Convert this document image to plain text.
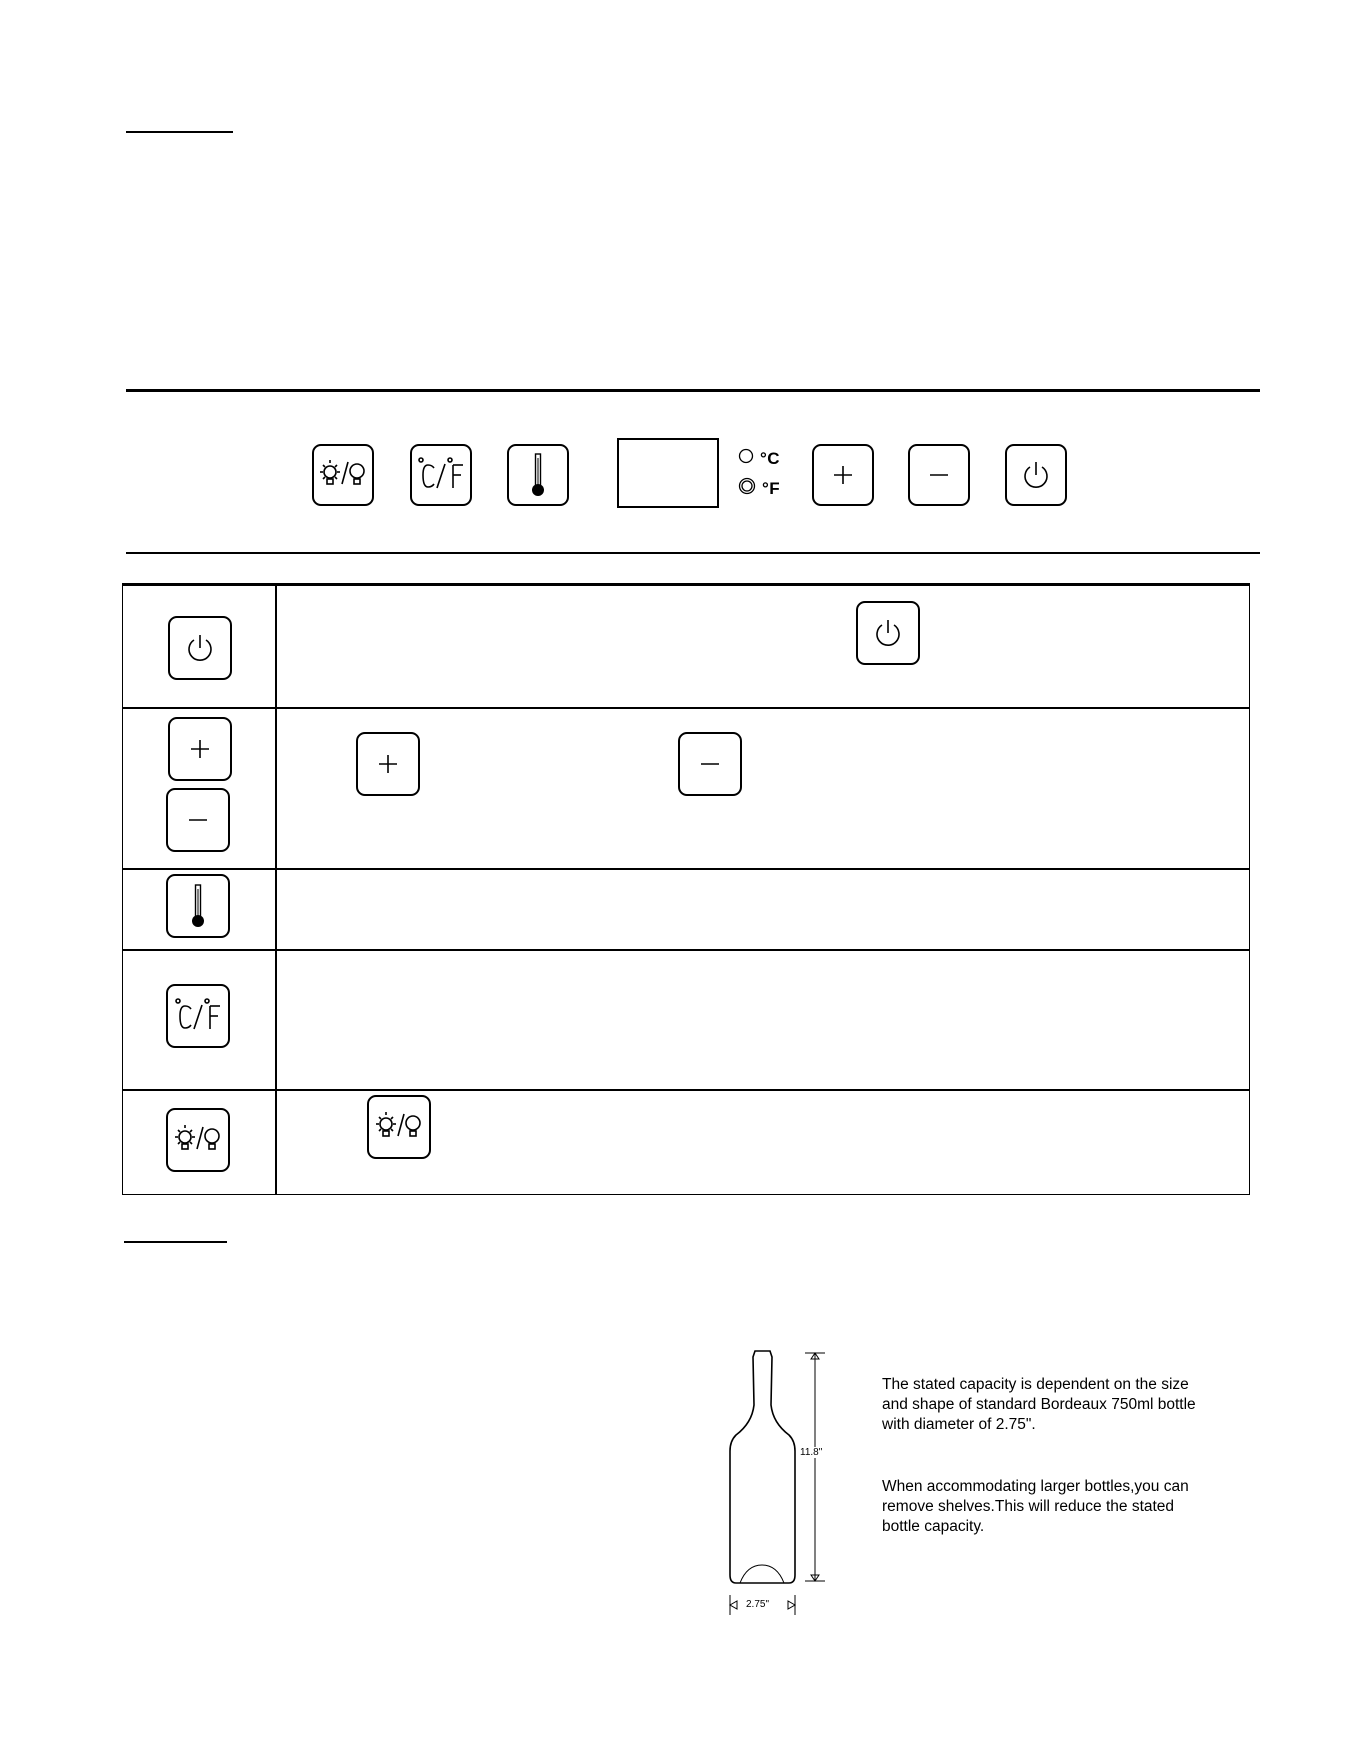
°C
°F
11.8"
2.75"
The stated capacity is dependent on the size and shape of standard Bordeaux 750ml bottle with diameter of 2.75".
When accommodating larger bottles,you can remove shelves.This will reduce the stated bottle capacity.
